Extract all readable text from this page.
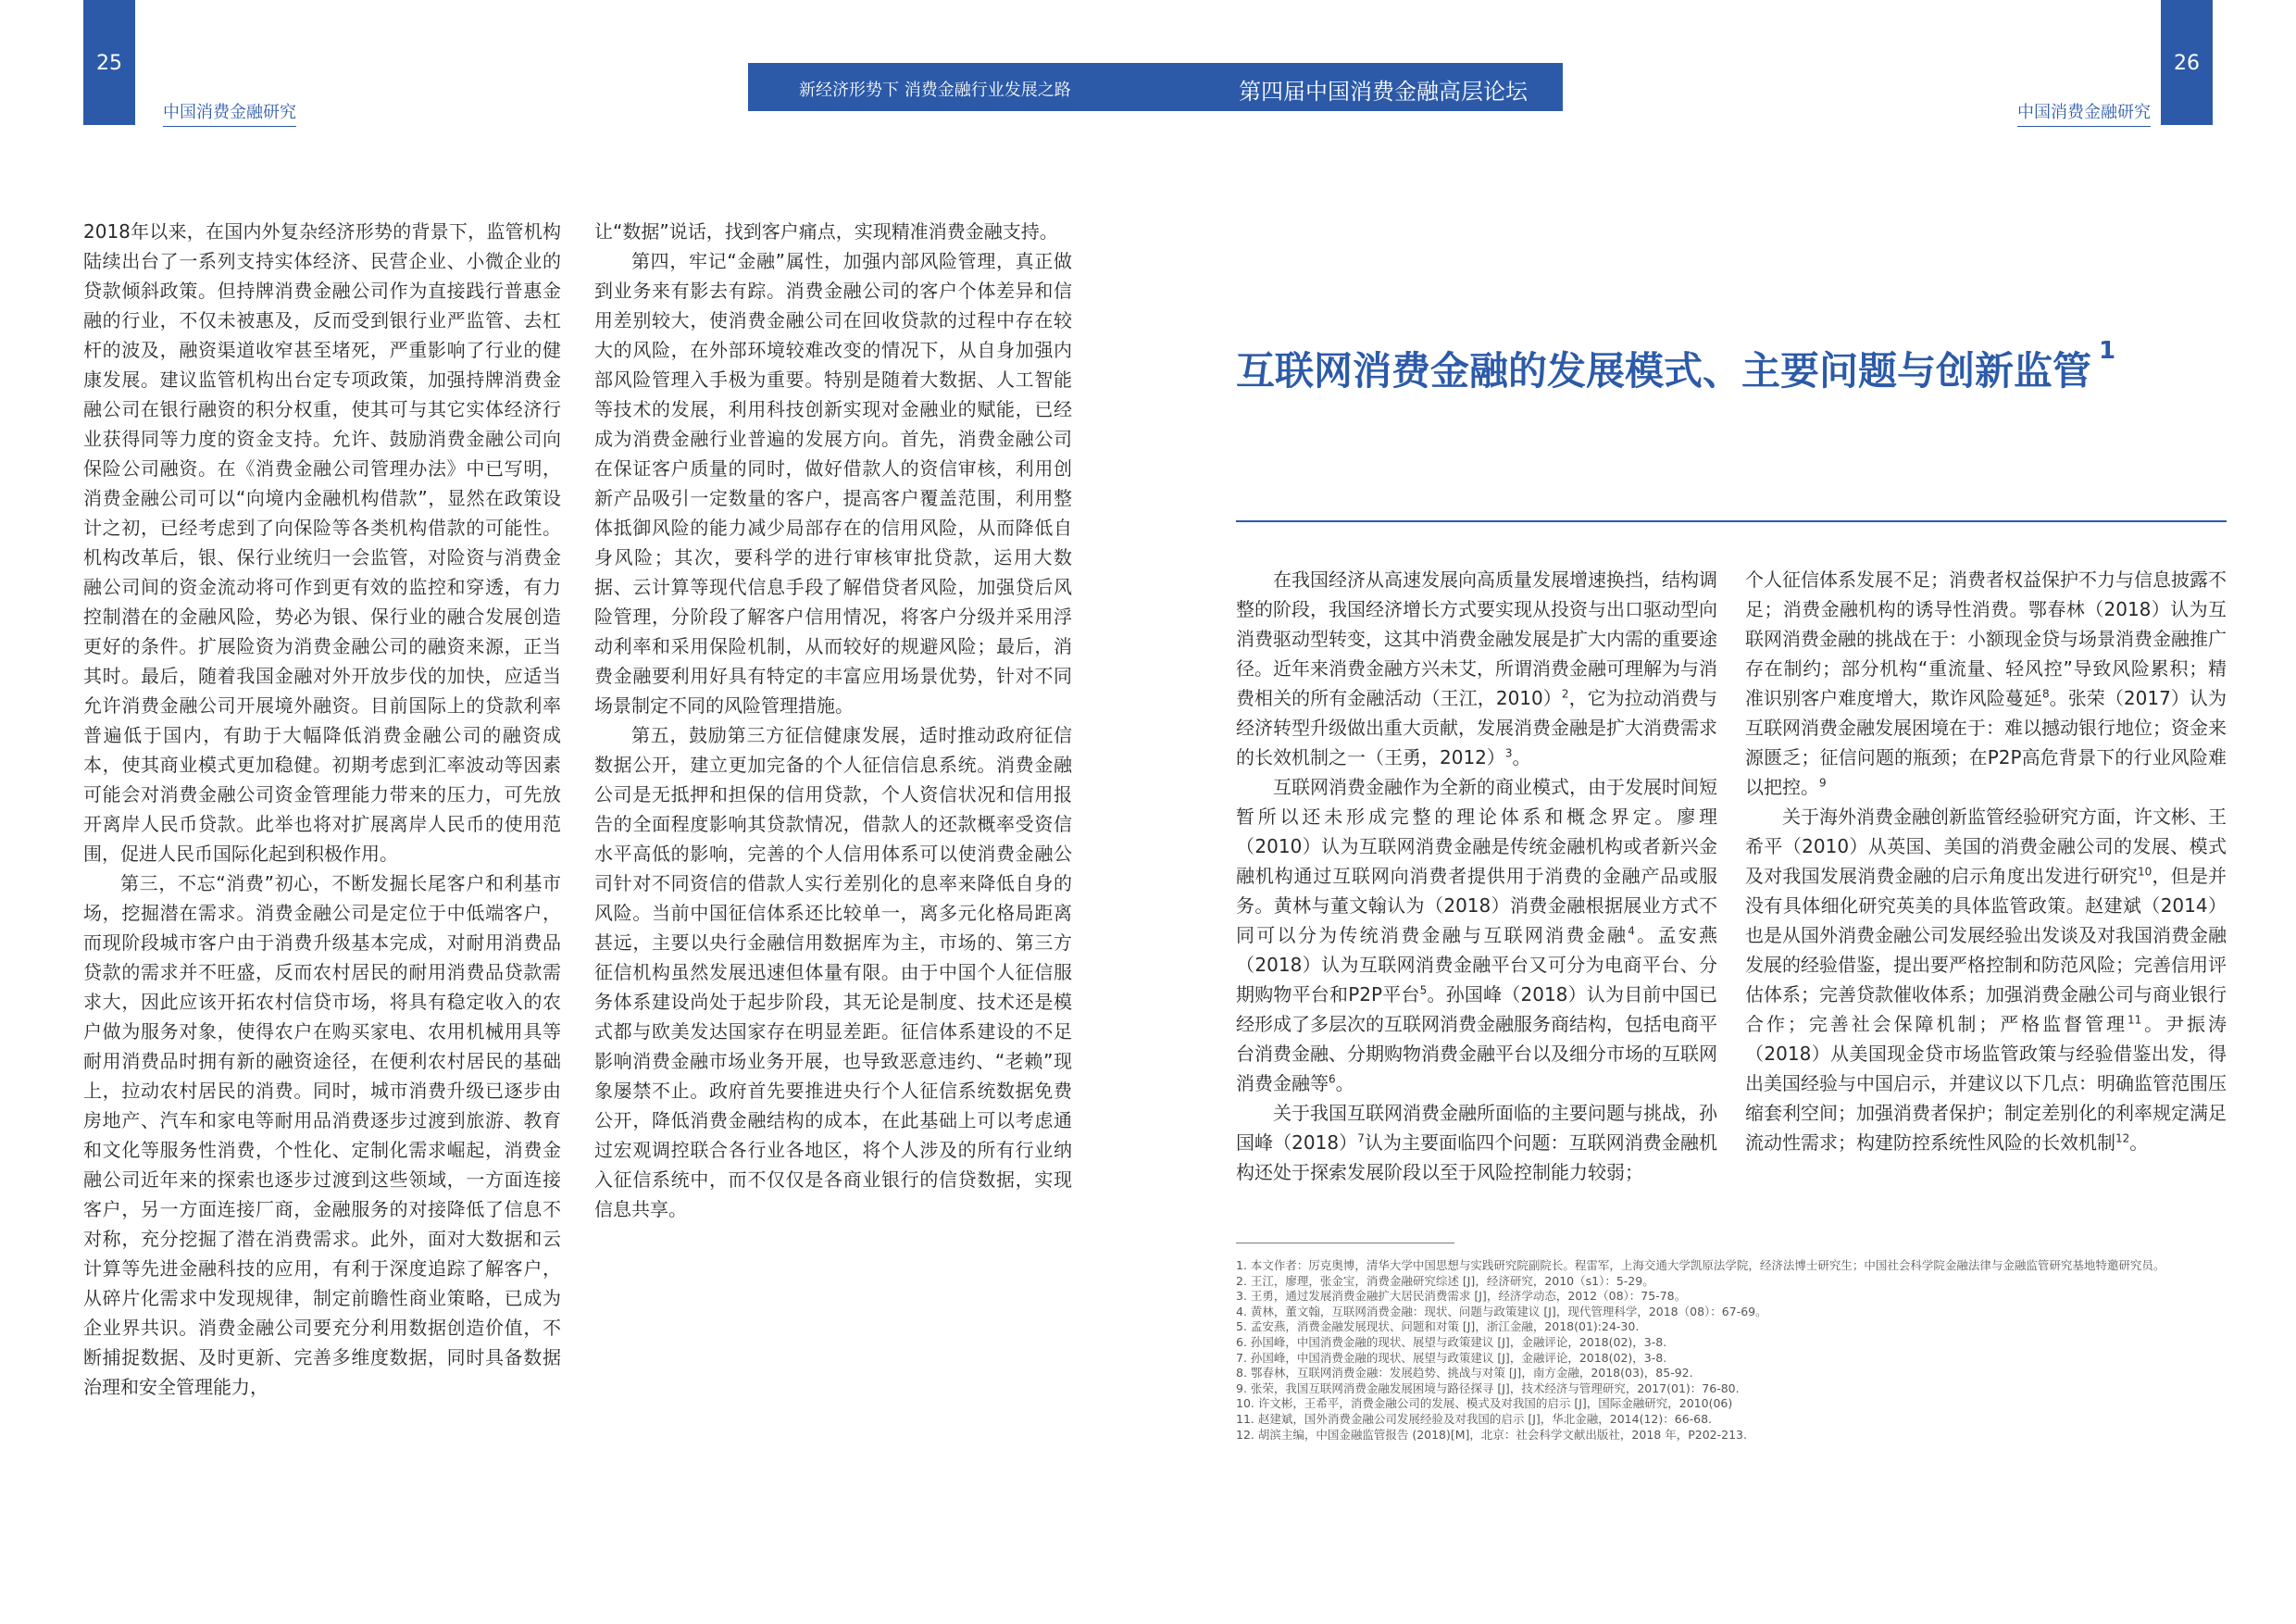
25	26
中国消费金融研究	中国消费金融研究
新经济形势下 消费金融行业发展之路	第四届中国消费金融高层论坛

2018年以来，在国内外复杂经济形势的背景下，监管机构陆续出台了一系列支持实体经济、民营企业、小微企业的贷款倾斜政策。但持牌消费金融公司作为直接践行普惠金融的行业，不仅未被惠及，反而受到银行业严监管、去杠杆的波及，融资渠道收窄甚至堵死，严重影响了行业的健康发展。建议监管机构出台定专项政策，加强持牌消费金融公司在银行融资的积分权重，使其可与其它实体经济行业获得同等力度的资金支持。允许、鼓励消费金融公司向保险公司融资。在《消费金融公司管理办法》中已写明，消费金融公司可以“向境内金融机构借款”，显然在政策设计之初，已经考虑到了向保险等各类机构借款的可能性。机构改革后，银、保行业统归一会监管，对险资与消费金融公司间的资金流动将可作到更有效的监控和穿透，有力控制潜在的金融风险，势必为银、保行业的融合发展创造更好的条件。扩展险资为消费金融公司的融资来源，正当其时。最后，随着我国金融对外开放步伐的加快，应适当允许消费金融公司开展境外融资。目前国际上的贷款利率普遍低于国内，有助于大幅降低消费金融公司的融资成本，使其商业模式更加稳健。初期考虑到汇率波动等因素可能会对消费金融公司资金管理能力带来的压力，可先放开离岸人民币贷款。此举也将对扩展离岸人民币的使用范围，促进人民币国际化起到积极作用。

第三，不忘“消费”初心，不断发掘长尾客户和利基市场，挖掘潜在需求。消费金融公司是定位于中低端客户，而现阶段城市客户由于消费升级基本完成，对耐用消费品贷款的需求并不旺盛，反而农村居民的耐用消费品贷款需求大，因此应该开拓农村信贷市场，将具有稳定收入的农户做为服务对象，使得农户在购买家电、农用机械用具等耐用消费品时拥有新的融资途径，在便利农村居民的基础上，拉动农村居民的消费。同时，城市消费升级已逐步由房地产、汽车和家电等耐用品消费逐步过渡到旅游、教育和文化等服务性消费，个性化、定制化需求崛起，消费金融公司近年来的探索也逐步过渡到这些领域，一方面连接客户，另一方面连接厂商，金融服务的对接降低了信息不对称，充分挖掘了潜在消费需求。此外，面对大数据和云计算等先进金融科技的应用，有利于深度追踪了解客户，从碎片化需求中发现规律，制定前瞻性商业策略，已成为企业界共识。消费金融公司要充分利用数据创造价值，不断捕捉数据、及时更新、完善多维度数据，同时具备数据治理和安全管理能力，

让“数据”说话，找到客户痛点，实现精准消费金融支持。

第四，牢记“金融”属性，加强内部风险管理，真正做到业务来有影去有踪。消费金融公司的客户个体差异和信用差别较大，使消费金融公司在回收贷款的过程中存在较大的风险，在外部环境较难改变的情况下，从自身加强内部风险管理入手极为重要。特别是随着大数据、人工智能等技术的发展，利用科技创新实现对金融业的赋能，已经成为消费金融行业普遍的发展方向。首先，消费金融公司在保证客户质量的同时，做好借款人的资信审核，利用创新产品吸引一定数量的客户，提高客户覆盖范围，利用整体抵御风险的能力减少局部存在的信用风险，从而降低自身风险；其次，要科学的进行审核审批贷款，运用大数据、云计算等现代信息手段了解借贷者风险，加强贷后风险管理，分阶段了解客户信用情况，将客户分级并采用浮动利率和采用保险机制，从而较好的规避风险；最后，消费金融要利用好具有特定的丰富应用场景优势，针对不同场景制定不同的风险管理措施。

第五，鼓励第三方征信健康发展，适时推动政府征信数据公开，建立更加完备的个人征信信息系统。消费金融公司是无抵押和担保的信用贷款，个人资信状况和信用报告的全面程度影响其贷款情况，借款人的还款概率受资信水平高低的影响，完善的个人信用体系可以使消费金融公司针对不同资信的借款人实行差别化的息率来降低自身的风险。当前中国征信体系还比较单一，离多元化格局距离甚远，主要以央行金融信用数据库为主，市场的、第三方征信机构虽然发展迅速但体量有限。由于中国个人征信服务体系建设尚处于起步阶段，其无论是制度、技术还是模式都与欧美发达国家存在明显差距。征信体系建设的不足影响消费金融市场业务开展，也导致恶意违约、“老赖”现象屡禁不止。政府首先要推进央行个人征信系统数据免费公开，降低消费金融结构的成本，在此基础上可以考虑通过宏观调控联合各行业各地区，将个人涉及的所有行业纳入征信系统中，而不仅仅是各商业银行的信贷数据，实现信息共享。

互联网消费金融的发展模式、主要问题与创新监管 $^1$

在我国经济从高速发展向高质量发展增速换挡，结构调整的阶段，我国经济增长方式要实现从投资与出口驱动型向消费驱动型转变，这其中消费金融发展是扩大内需的重要途径。近年来消费金融方兴未艾，所谓消费金融可理解为与消费相关的所有金融活动（王江，2010）$^2$，它为拉动消费与经济转型升级做出重大贡献，发展消费金融是扩大消费需求的长效机制之一（王勇，2012）$^3$。

互联网消费金融作为全新的商业模式，由于发展时间短暂所以还未形成完整的理论体系和概念界定。廖理（2010）认为互联网消费金融是传统金融机构或者新兴金融机构通过互联网向消费者提供用于消费的金融产品或服务。黄林与董文翰认为（2018）消费金融根据展业方式不同可以分为传统消费金融与互联网消费金融$^4$。孟安燕（2018）认为互联网消费金融平台又可分为电商平台、分期购物平台和P2P平台$^5$。孙国峰（2018）认为目前中国已经形成了多层次的互联网消费金融服务商结构，包括电商平台消费金融、分期购物消费金融平台以及细分市场的互联网消费金融等$^6$。

关于我国互联网消费金融所面临的主要问题与挑战，孙国峰（2018）$^7$认为主要面临四个问题：互联网消费金融机构还处于探索发展阶段以至于风险控制能力较弱；

个人征信体系发展不足；消费者权益保护不力与信息披露不足；消费金融机构的诱导性消费。鄂春林（2018）认为互联网消费金融的挑战在于：小额现金贷与场景消费金融推广存在制约；部分机构“重流量、轻风控”导致风险累积；精准识别客户难度增大，欺诈风险蔓延$^8$。张荣（2017）认为互联网消费金融发展困境在于：难以撼动银行地位；资金来源匮乏；征信问题的瓶颈；在P2P高危背景下的行业风险难以把控。$^9$

关于海外消费金融创新监管经验研究方面，许文彬、王希平（2010）从英国、美国的消费金融公司的发展、模式及对我国发展消费金融的启示角度出发进行研究$^{10}$，但是并没有具体细化研究英美的具体监管政策。赵建斌（2014）也是从国外消费金融公司发展经验出发谈及对我国消费金融发展的经验借鉴，提出要严格控制和防范风险；完善信用评估体系；完善贷款催收体系；加强消费金融公司与商业银行合作；完善社会保障机制；严格监督管理$^{11}$。尹振涛（2018）从美国现金贷市场监管政策与经验借鉴出发，得出美国经验与中国启示，并建议以下几点：明确监管范围压缩套利空间；加强消费者保护；制定差别化的利率规定满足流动性需求；构建防控系统性风险的长效机制$^{12}$。

1. 本文作者：厉克奥博，清华大学中国思想与实践研究院副院长。程雷军，上海交通大学凯原法学院，经济法博士研究生；中国社会科学院金融法律与金融监管研究基地特邀研究员。
2. 王江，廖理，张金宝，消费金融研究综述 [J]，经济研究，2010（s1）：5-29。
3. 王勇，通过发展消费金融扩大居民消费需求 [J]，经济学动态，2012（08）：75-78。
4. 黄林，董文翰，互联网消费金融：现状、问题与政策建议 [J]，现代管理科学，2018（08）：67-69。
5. 孟安燕，消费金融发展现状、问题和对策 [J]，浙江金融，2018(01):24-30.
6. 孙国峰，中国消费金融的现状、展望与政策建议 [J]，金融评论，2018(02)，3-8.
7. 孙国峰，中国消费金融的现状、展望与政策建议 [J]，金融评论，2018(02)，3-8.
8. 鄂春林，互联网消费金融：发展趋势、挑战与对策 [J]，南方金融，2018(03)，85-92.
9. 张荣，我国互联网消费金融发展困境与路径探寻 [J]，技术经济与管理研究，2017(01)：76-80.
10. 许文彬，王希平，消费金融公司的发展、模式及对我国的启示 [J]，国际金融研究，2010(06)
11. 赵建斌，国外消费金融公司发展经验及对我国的启示 [J]，华北金融，2014(12)：66-68.
12. 胡滨主编，中国金融监管报告 (2018)[M]，北京：社会科学文献出版社，2018 年，P202-213.
